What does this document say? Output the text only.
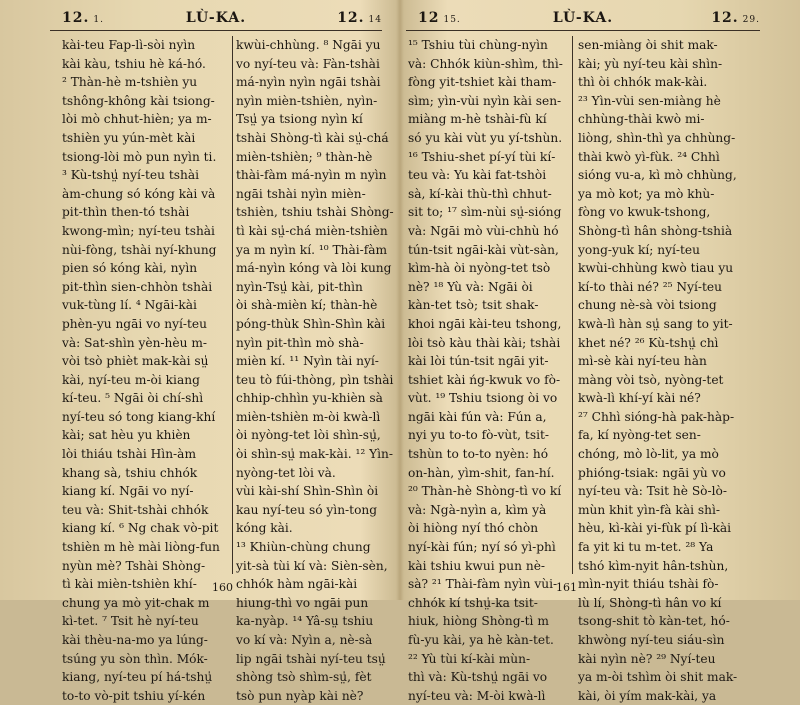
12. 1.	LÙ-KA.	12. 14
kài-teu Fap-lì-sòi nyìn
kài kàu, tshiu hè ká-hó.
² Thàn-hè m-tshièn yu
tshông-không kài tsiong-
lòi mò chhut-hièn; ya m-
tshièn yu yún-mèt kài
tsiong-lòi mò pun nyìn ti.
³ Kù-tshṳ̍ nyí-teu tshài
àm-chung só kóng kài và
pit-thìn then-tó tshài
kwong-mìn; nyí-teu tshài
nùi-fòng, tshài nyí-khung
pien só kóng kài, nyìn
pit-thìn sien-chhòn tshài
vuk-tùng lí. ⁴ Ngāi-kài
phèn-yu ngāi vo nyí-teu
và: Sat-shìn yèn-hèu m-
vòi tsò phièt mak-kài sṳ̍
kài, nyí-teu m-òi kiang
kí-teu. ⁵ Ngāi òi chí-shì
nyí-teu só tong kiang-khí
kài; sat hèu yu khièn
lòi thiáu tshài Hìn-àm
khang sà, tshiu chhók
kiang kí. Ngāi vo nyí-
teu và: Shit-tshài chhók
kiang kí. ⁶ Ng chak vò-pit
tshièn m hè mài liòng-fun
nyùn mè? Tshài Shòng-
tì kài mièn-tshièn khí-
chung ya mò yit-chak m
kì-tet. ⁷ Tsit hè nyí-teu
kài thèu-na-mo ya lúng-
tsúng yu sòn thìn. Mók-
kiang, nyí-teu pí há-tshṳ̍
to-to vò-pit tshiu yí-kén
kwùi-chhùng. ⁸ Ngāi yu
vo nyí-teu và: Fàn-tshài
má-nyìn nyìn ngāi tshài
nyìn mièn-tshièn, nyìn-
Tsṳ̍ ya tsiong nyìn kí
tshài Shòng-tì kài sṳ̍-chá
mièn-tshièn; ⁹ thàn-hè
thài-fàm má-nyìn m nyìn
ngāi tshài nyìn mièn-
tshièn, tshiu tshài Shòng-
tì kài sṳ̍-chá mièn-tshièn
ya m nyìn kí. ¹⁰ Thài-fàm
má-nyìn kóng và lòi kung
nyìn-Tsṳ̍ kài, pit-thìn
òi shà-mièn kí; thàn-hè
póng-thùk Shìn-Shìn kài
nyìn pit-thìn mò shà-
mièn kí. ¹¹ Nyìn tài nyí-
teu tò fúi-thòng, pìn tshài
chhip-chhìn yu-khièn sà
mièn-tshièn m-òi kwà-lì
òi nyòng-tet lòi shìn-sṳ̍,
òi shìn-sṳ̍ mak-kài. ¹² Yìn-
nyòng-tet lòi và.
vùi kài-shí Shìn-Shìn òi
kau nyí-teu só yìn-tong
kóng kài.
¹³ Khiùn-chùng chung
yit-sà tùi kí và: Sièn-sèn,
chhók hàm ngāi-kài
hiung-thì vo ngāi pun
ka-nyàp. ¹⁴ Yâ-sṳ tshiu
vo kí và: Nyìn a, nè-sà
lip ngāi tshài nyí-teu tsṳ̍
shòng tsò shìm-sṳ̍, fèt
tsò pun nyàp kài nè?
160
12 15.	LÙ-KA.	12. 29.
¹⁵ Tshiu tùi chùng-nyìn
và: Chhók kiùn-shìm, thì-
fòng yit-tshiet kài tham-
sìm; yìn-vùi nyìn kài sen-
miàng m-hè tshài-fù kí
só yu kài vùt yu yí-tshùn.
¹⁶ Tshiu-shet pí-yí tùi kí-
teu và: Yu kài fat-tshòi
sà, kí-kài thù-thì chhut-
sit to; ¹⁷ sìm-nùi sṳ̍-sióng
và: Ngāi mò vùi-chhù hó
tún-tsit ngāi-kài vùt-sàn,
kìm-hà òi nyòng-tet tsò
nè? ¹⁸ Yù và: Ngāi òi
kàn-tet tsò; tsit shak-
khoi ngāi kài-teu tshong,
lòi tsò kàu thài kài; tshài
kài lòi tún-tsit ngāi yit-
tshiet kài ńg-kwuk vo fò-
vùt. ¹⁹ Tshiu tsiong òi vo
ngāi kài fún và: Fún a,
nyi yu to-to fò-vùt, tsit-
tshùn to to-to nyèn: hó
on-hàn, yìm-shit, fan-hí.
²⁰ Thàn-hè Shòng-tì vo kí
và: Ngà-nyìn a, kìm yà
òi hiòng nyí thó chòn
nyí-kài fún; nyí só yì-phì
kài tshiu kwui pun nè-
sà? ²¹ Thài-fàm nyìn vùi-
chhók kí tshṳ̍-ka tsit-
hiuk, hiòng Shòng-tì m
fù-yu kài, ya hè kàn-tet.
²² Yù tùi kí-kài mùn-
thì và: Kù-tshṳ̍ ngāi vo
nyí-teu và: M-òi kwà-lì
sen-miàng òi shit mak-
kài; yù nyí-teu kài shìn-
thì òi chhók mak-kài.
²³ Yìn-vùi sen-miàng hè
chhùng-thài kwò mi-
liòng, shìn-thì ya chhùng-
thài kwò yì-fùk. ²⁴ Chhì
sióng vu-a, kì mò chhùng,
ya mò kot; ya mò khù-
fòng vo kwuk-tshong,
Shòng-tì hân shòng-tshià
yong-yuk kí; nyí-teu
kwùi-chhùng kwò tiau yu
kí-to thài né? ²⁵ Nyí-teu
chung nè-sà vòi tsiong
kwà-lì hàn sṳ̍ sang to yit-
khet né? ²⁶ Kù-tshṳ̍ chì
mì-sè kài nyí-teu hàn
màng vòi tsò, nyòng-tet
kwà-lì khí-yí kài né?
²⁷ Chhì sióng-hà pak-hàp-
fa, kí nyòng-tet sen-
chóng, mò lò-lit, ya mò
phióng-tsiak: ngāi yù vo
nyí-teu và: Tsit hè Sò-lò-
mùn khit yìn-fà kài shì-
hèu, kì-kài yi-fùk pí lì-kài
fa yit ki tu m-tet. ²⁸ Ya
tshó kìm-nyit hân-tshùn,
mìn-nyit thiáu tshài fò-
lù lí, Shòng-tì hân vo kí
tsong-shit tò kàn-tet, hó-
khwòng nyí-teu siáu-sìn
kài nyìn nè? ²⁹ Nyí-teu
ya m-òi tshìm òi shit mak-
kài, òi yím mak-kài, ya
161
